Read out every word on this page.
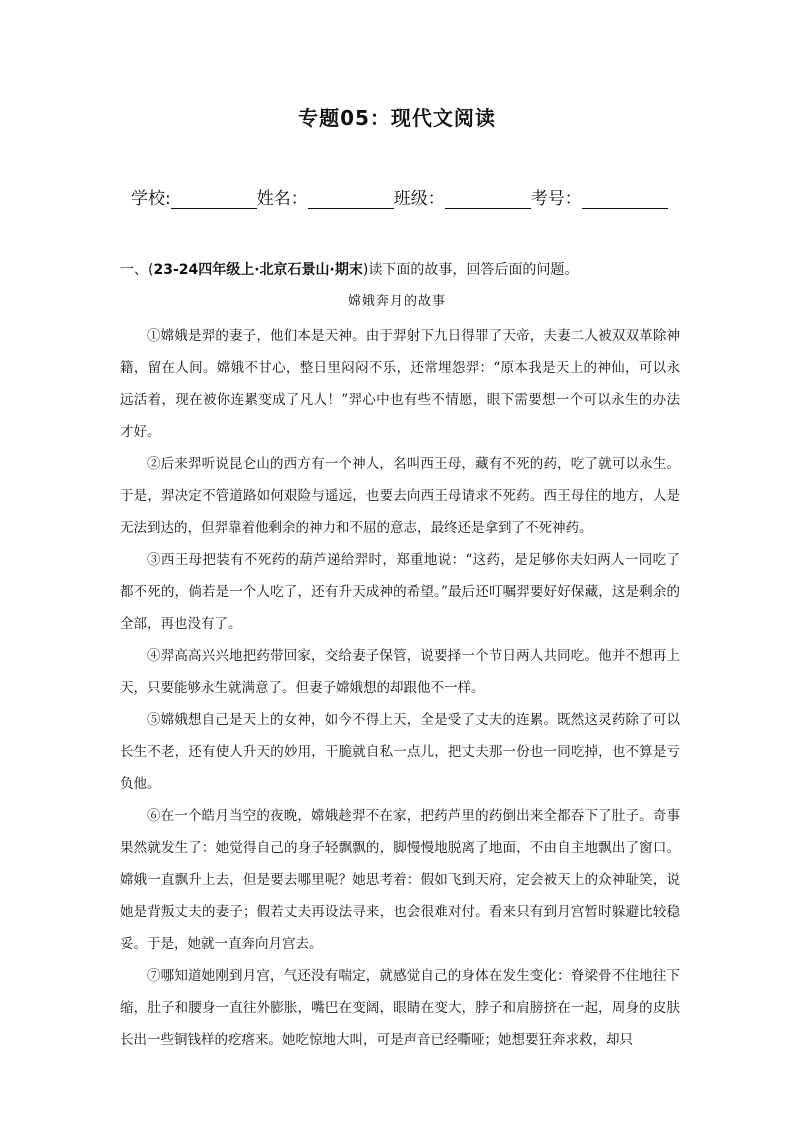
专题05：现代文阅读
学校:	姓名：	班级：	考号：
一、(23-24四年级上·北京石景山·期末)读下面的故事，回答后面的问题。
嫦娥奔月的故事

①嫦娥是羿的妻子，他们本是天神。由于羿射下九日得罪了天帝，夫妻二人被双双革除神籍，留在人间。嫦娥不甘心，整日里闷闷不乐，还常埋怨羿：“原本我是天上的神仙，可以永远活着，现在被你连累变成了凡人！”羿心中也有些不情愿，眼下需要想一个可以永生的办法才好。

②后来羿听说昆仑山的西方有一个神人，名叫西王母，藏有不死的药，吃了就可以永生。于是，羿决定不管道路如何艰险与遥远，也要去向西王母请求不死药。西王母住的地方，人是无法到达的，但羿靠着他剩余的神力和不屈的意志，最终还是拿到了不死神药。

③西王母把装有不死药的葫芦递给羿时，郑重地说：“这药，是足够你夫妇两人一同吃了都不死的，倘若是一个人吃了，还有升天成神的希望。”最后还叮嘱羿要好好保藏，这是剩余的全部，再也没有了。

④羿高高兴兴地把药带回家，交给妻子保管，说要择一个节日两人共同吃。他并不想再上天，只要能够永生就满意了。但妻子嫦娥想的却跟他不一样。

⑤嫦娥想自己是天上的女神，如今不得上天，全是受了丈夫的连累。既然这灵药除了可以长生不老，还有使人升天的妙用，干脆就自私一点儿，把丈夫那一份也一同吃掉，也不算是亏负他。

⑥在一个皓月当空的夜晚，嫦娥趁羿不在家，把药芦里的药倒出来全都吞下了肚子。奇事果然就发生了：她觉得自己的身子轻飘飘的，脚慢慢地脱离了地面，不由自主地飘出了窗口。嫦娥一直飘升上去，但是要去哪里呢？她思考着：假如飞到天府，定会被天上的众神耻笑，说她是背叛丈夫的妻子；假若丈夫再设法寻来，也会很难对付。看来只有到月宫暂时躲避比较稳妥。于是，她就一直奔向月宫去。

⑦哪知道她刚到月宫，气还没有喘定，就感觉自己的身体在发生变化：脊梁骨不住地往下缩，肚子和腰身一直往外膨胀，嘴巴在变阔，眼睛在变大，脖子和肩膀挤在一起，周身的皮肤长出一些铜钱样的疙瘩来。她吃惊地大叫，可是声音已经嘶哑；她想要狂奔求救，却只
